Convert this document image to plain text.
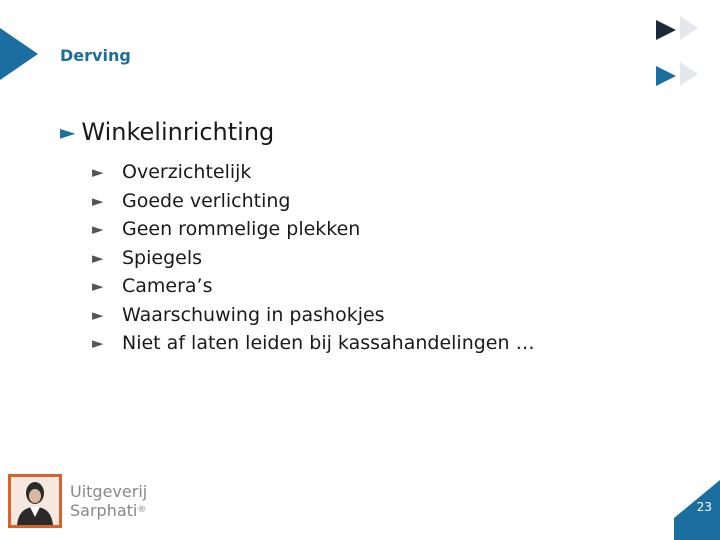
Derving
► Winkelinrichting
► Overzichtelijk
► Goede verlichting
► Geen rommelige plekken
► Spiegels
► Camera’s
► Waarschuwing in pashokjes
► Niet af laten leiden bij kassahandelingen …
Uitgeverij
Sarphati®	23
